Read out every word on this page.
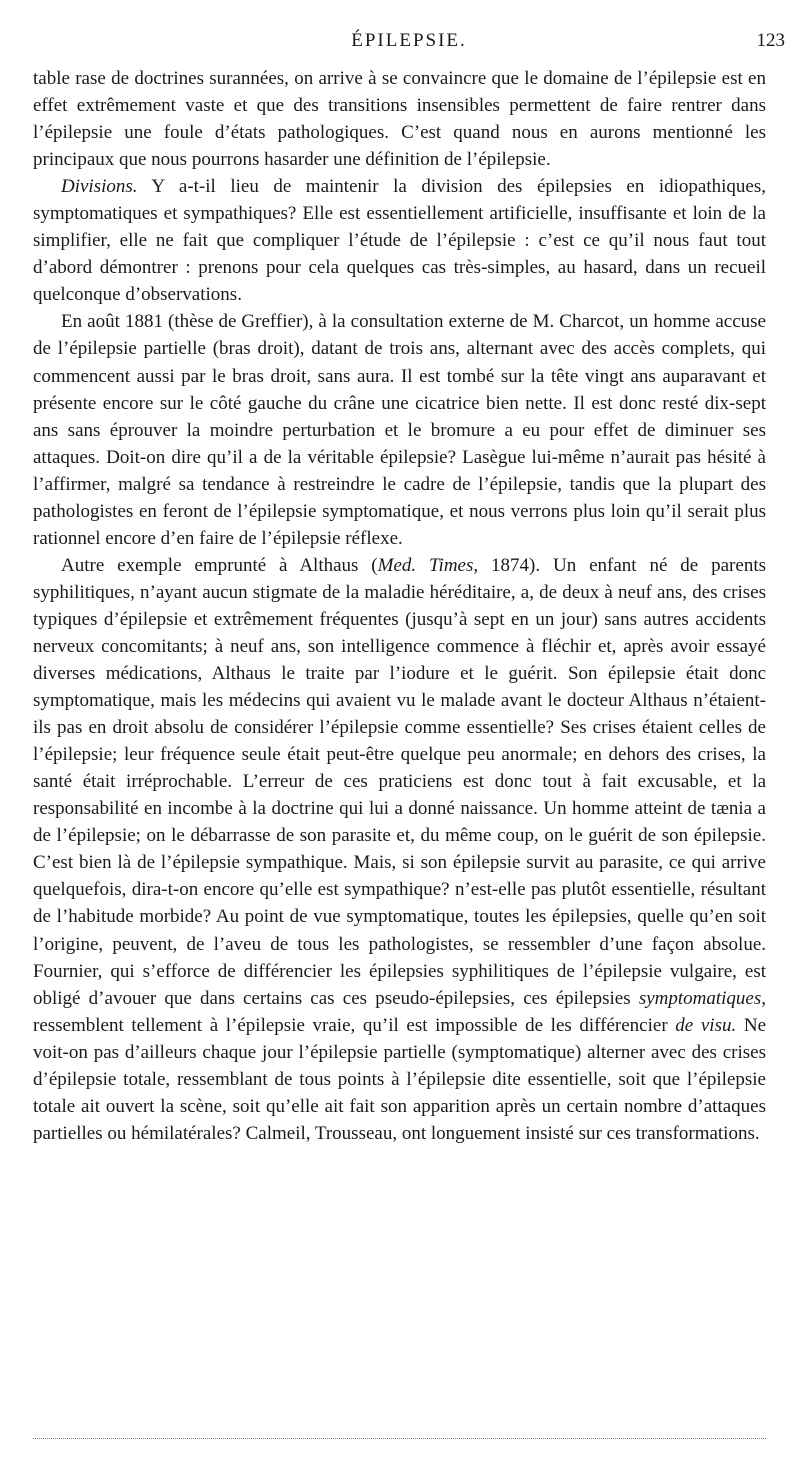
ÉPILEPSIE.	123

table rase de doctrines surannées, on arrive à se convaincre que le domaine de l’épilepsie est en effet extrêmement vaste et que des transitions insensibles permettent de faire rentrer dans l’épilepsie une foule d’états pathologiques. C’est quand nous en aurons mentionné les principaux que nous pourrons hasarder une définition de l’épilepsie.

Divisions. Y a-t-il lieu de maintenir la division des épilepsies en idiopathiques, symptomatiques et sympathiques? Elle est essentiellement artificielle, insuffisante et loin de la simplifier, elle ne fait que compliquer l’étude de l’épilepsie : c’est ce qu’il nous faut tout d’abord démontrer : prenons pour cela quelques cas très-simples, au hasard, dans un recueil quelconque d’observations.

En août 1881 (thèse de Greffier), à la consultation externe de M. Charcot, un homme accuse de l’épilepsie partielle (bras droit), datant de trois ans, alternant avec des accès complets, qui commencent aussi par le bras droit, sans aura. Il est tombé sur la tête vingt ans auparavant et présente encore sur le côté gauche du crâne une cicatrice bien nette. Il est donc resté dix-sept ans sans éprouver la moindre perturbation et le bromure a eu pour effet de diminuer ses attaques. Doit-on dire qu’il a de la véritable épilepsie? Lasègue lui-même n’aurait pas hésité à l’affirmer, malgré sa tendance à restreindre le cadre de l’épilepsie, tandis que la plupart des pathologistes en feront de l’épilepsie symptomatique, et nous verrons plus loin qu’il serait plus rationnel encore d’en faire de l’épilepsie réflexe.

Autre exemple emprunté à Althaus (Med. Times, 1874). Un enfant né de parents syphilitiques, n’ayant aucun stigmate de la maladie héréditaire, a, de deux à neuf ans, des crises typiques d’épilepsie et extrêmement fréquentes (jusqu’à sept en un jour) sans autres accidents nerveux concomitants; à neuf ans, son intelligence commence à fléchir et, après avoir essayé diverses médications, Althaus le traite par l’iodure et le guérit. Son épilepsie était donc symptomatique, mais les médecins qui avaient vu le malade avant le docteur Althaus n’étaient-ils pas en droit absolu de considérer l’épilepsie comme essentielle? Ses crises étaient celles de l’épilepsie; leur fréquence seule était peut-être quelque peu anormale; en dehors des crises, la santé était irréprochable. L’erreur de ces praticiens est donc tout à fait excusable, et la responsabilité en incombe à la doctrine qui lui a donné naissance. Un homme atteint de tænia a de l’épilepsie; on le débarrasse de son parasite et, du même coup, on le guérit de son épilepsie. C’est bien là de l’épilepsie sympathique. Mais, si son épilepsie survit au parasite, ce qui arrive quelquefois, dira-t-on encore qu’elle est sympathique? n’est-elle pas plutôt essentielle, résultant de l’habitude morbide? Au point de vue symptomatique, toutes les épilepsies, quelle qu’en soit l’origine, peuvent, de l’aveu de tous les pathologistes, se ressembler d’une façon absolue. Fournier, qui s’efforce de différencier les épilepsies syphilitiques de l’épilepsie vulgaire, est obligé d’avouer que dans certains cas ces pseudo-épilepsies, ces épilepsies symptomatiques, ressemblent tellement à l’épilepsie vraie, qu’il est impossible de les différencier de visu. Ne voit-on pas d’ailleurs chaque jour l’épilepsie partielle (symptomatique) alterner avec des crises d’épilepsie totale, ressemblant de tous points à l’épilepsie dite essentielle, soit que l’épilepsie totale ait ouvert la scène, soit qu’elle ait fait son apparition après un certain nombre d’attaques partielles ou hémilatérales? Calmeil, Trousseau, ont longuement insisté sur ces transformations.
